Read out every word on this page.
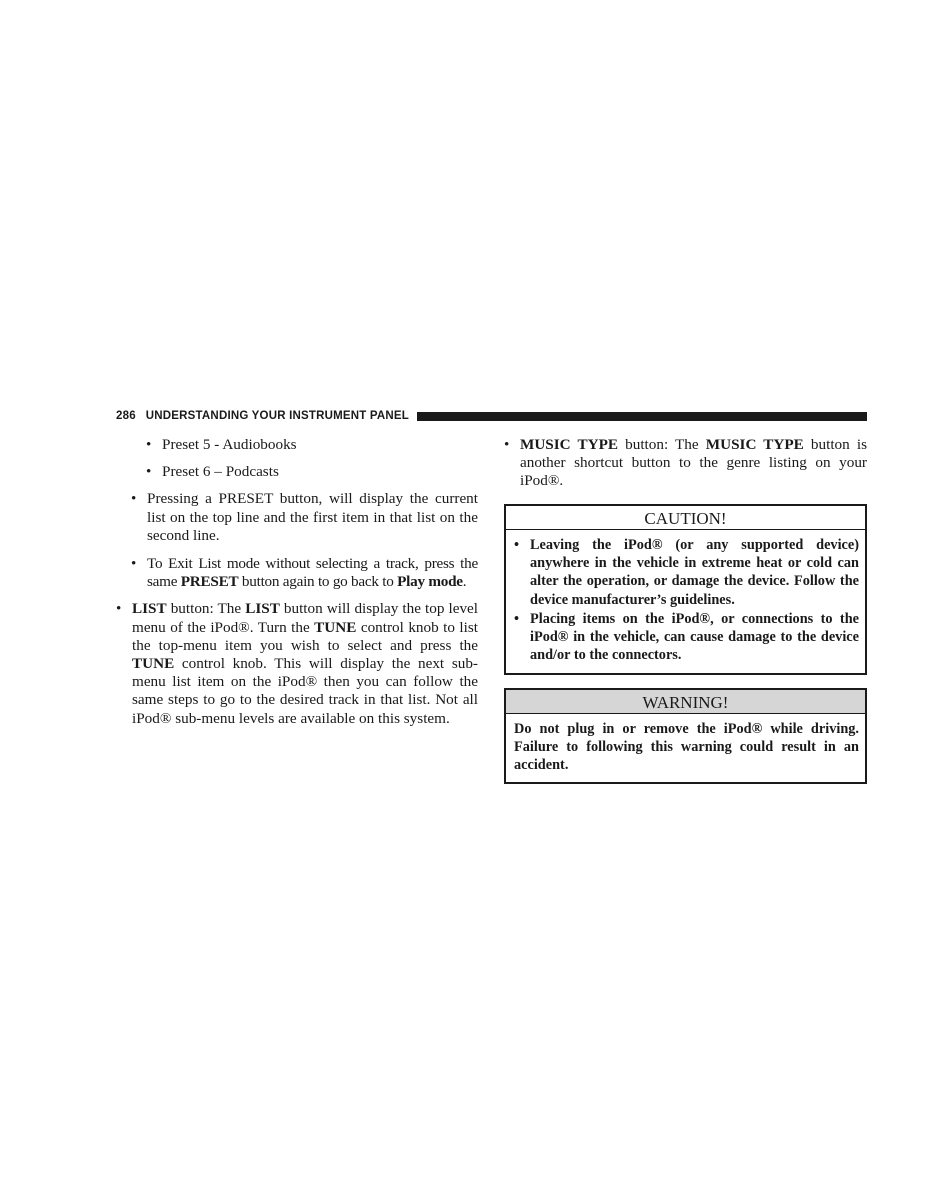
286 UNDERSTANDING YOUR INSTRUMENT PANEL
• Preset 5 - Audiobooks
• Preset 6 – Podcasts
• Pressing a PRESET button, will display the current list on the top line and the first item in that list on the second line.
• To Exit List mode without selecting a track, press the same PRESET button again to go back to Play mode.
• LIST button: The LIST button will display the top level menu of the iPod®. Turn the TUNE control knob to list the top-menu item you wish to select and press the TUNE control knob. This will display the next sub-menu list item on the iPod® then you can follow the same steps to go to the desired track in that list. Not all iPod® sub-menu levels are available on this system.
• MUSIC TYPE button: The MUSIC TYPE button is another shortcut button to the genre listing on your iPod®.
CAUTION!
• Leaving the iPod® (or any supported device) anywhere in the vehicle in extreme heat or cold can alter the operation, or damage the device. Follow the device manufacturer’s guidelines.
• Placing items on the iPod®, or connections to the iPod® in the vehicle, can cause damage to the device and/or to the connectors.
WARNING!

Do not plug in or remove the iPod® while driving. Failure to following this warning could result in an accident.
